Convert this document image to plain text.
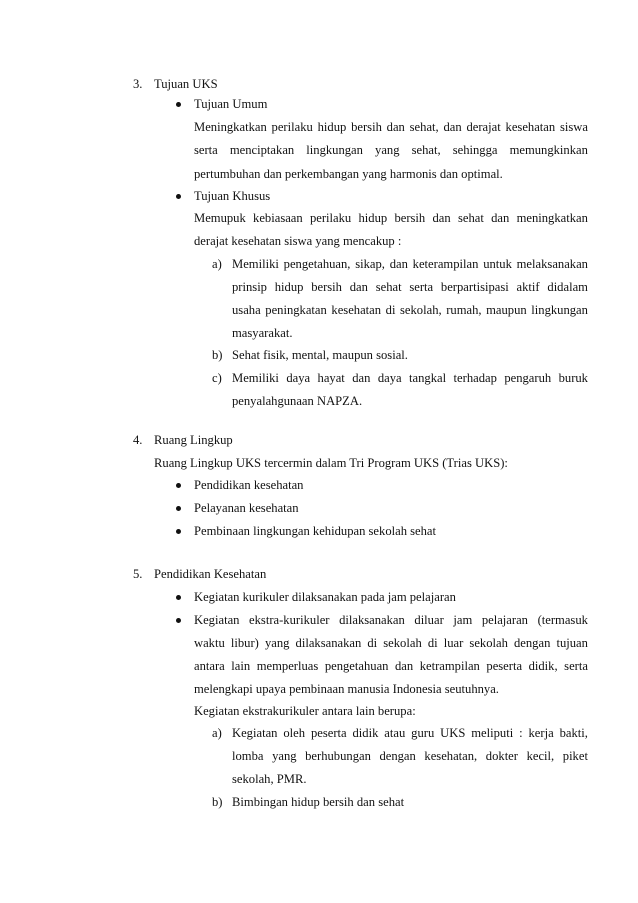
3. Tujuan UKS
Tujuan Umum
Meningkatkan perilaku hidup bersih dan sehat, dan derajat kesehatan siswa
serta menciptakan lingkungan yang sehat, sehingga memungkinkan
pertumbuhan dan perkembangan yang harmonis dan optimal.
Tujuan Khusus
Memupuk kebiasaan perilaku hidup bersih dan sehat dan meningkatkan
derajat kesehatan siswa yang mencakup :
a) Memiliki pengetahuan, sikap, dan keterampilan untuk melaksanakan
prinsip hidup bersih dan sehat serta berpartisipasi aktif didalam
usaha peningkatan kesehatan di sekolah, rumah, maupun lingkungan
masyarakat.
b) Sehat fisik, mental, maupun sosial.
c) Memiliki daya hayat dan daya tangkal terhadap pengaruh buruk
penyalahgunaan NAPZA.
4. Ruang Lingkup
Ruang Lingkup UKS tercermin dalam Tri Program UKS (Trias UKS):
Pendidikan kesehatan
Pelayanan kesehatan
Pembinaan lingkungan kehidupan sekolah sehat
5. Pendidikan Kesehatan
Kegiatan kurikuler dilaksanakan pada jam pelajaran
Kegiatan ekstra-kurikuler dilaksanakan diluar jam pelajaran (termasuk
waktu libur) yang dilaksanakan di sekolah di luar sekolah dengan tujuan
antara lain memperluas pengetahuan dan ketrampilan peserta didik, serta
melengkapi upaya pembinaan manusia Indonesia seutuhnya.
Kegiatan ekstrakurikuler antara lain berupa:
a) Kegiatan oleh peserta didik atau guru UKS meliputi : kerja bakti,
lomba yang berhubungan dengan kesehatan, dokter kecil, piket
sekolah, PMR.
b) Bimbingan hidup bersih dan sehat
